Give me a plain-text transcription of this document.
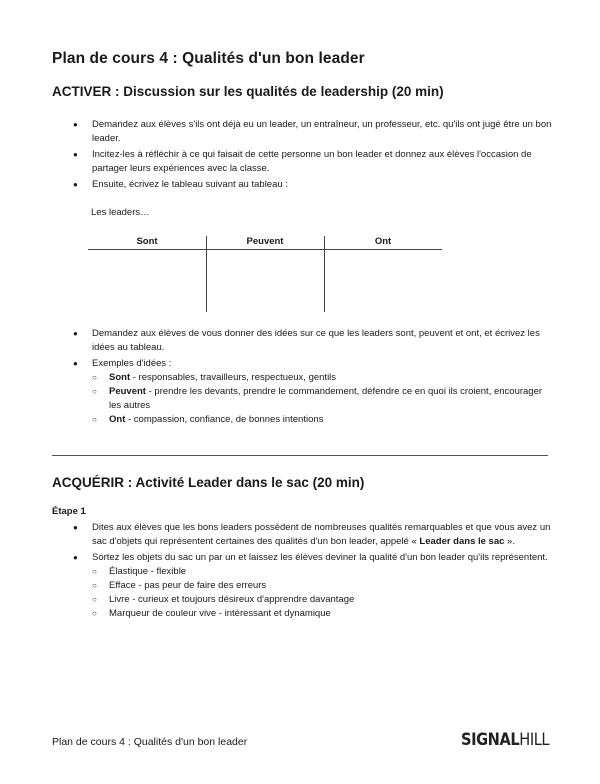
Plan de cours 4 : Qualités d'un bon leader
ACTIVER : Discussion sur les qualités de leadership (20 min)
● Demandez aux élèves s'ils ont déjà eu un leader, un entraîneur, un professeur, etc. qu'ils ont jugé être un bon leader.
● Incitez-les à réfléchir à ce qui faisait de cette personne un bon leader et donnez aux élèves l'occasion de partager leurs expériences avec la classe.
● Ensuite, écrivez le tableau suivant au tableau :
Les leaders…
Sont	Peuvent	Ont
● Demandez aux élèves de vous donner des idées sur ce que les leaders sont, peuvent et ont, et écrivez les idées au tableau.
● Exemples d'idées :
○ Sont - responsables, travailleurs, respectueux, gentils
○ Peuvent - prendre les devants, prendre le commandement, défendre ce en quoi ils croient, encourager les autres
○ Ont - compassion, confiance, de bonnes intentions
ACQUÉRIR : Activité Leader dans le sac (20 min)
Étape 1
● Dites aux élèves que les bons leaders possèdent de nombreuses qualités remarquables et que vous avez un sac d'objets qui représentent certaines des qualités d'un bon leader, appelé « Leader dans le sac ».
● Sortez les objets du sac un par un et laissez les élèves deviner la qualité d'un bon leader qu'ils représentent.
○ Élastique - flexible
○ Efface - pas peur de faire des erreurs
○ Livre - curieux et toujours désireux d'apprendre davantage
○ Marqueur de couleur vive - intéressant et dynamique
Plan de cours 4 : Qualités d'un bon leader	SIGNALHILL
